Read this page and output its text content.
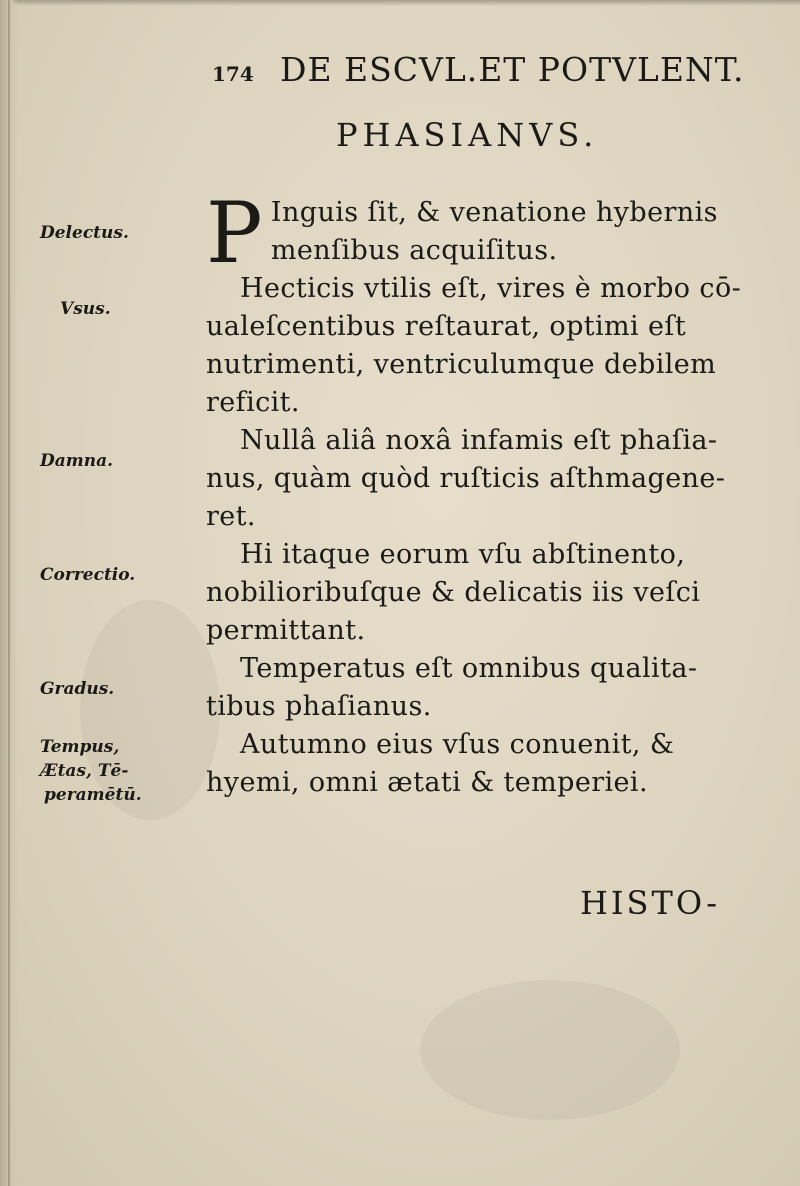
174 DE ESCVL.ET POTVLENT.
PHASIANVS.
Delectus.
Vsus.
Damna.
Correctio.
Gradus.
Tempus,
Ætas, Tē-
peramētū.

P Inguis ſit, & venatione hybernis menſibus acquiſitus.

Hecticis vtilis eſt, vires è morbo cō-ualeſcentibus reſtaurat, optimi eſt nutrimenti, ventriculumque debilem reficit.

Nullâ aliâ noxâ infamis eſt phaſia-nus, quàm quòd ruſticis aſthmagene-ret.

Hi itaque eorum vſu abſtinento, nobilioribuſque & delicatis iis veſci permittant.

Temperatus eſt omnibus qualita-tibus phaſianus.

Autumno eius vſus conuenit, & hyemi, omni ætati & temperiei.

HISTO-
